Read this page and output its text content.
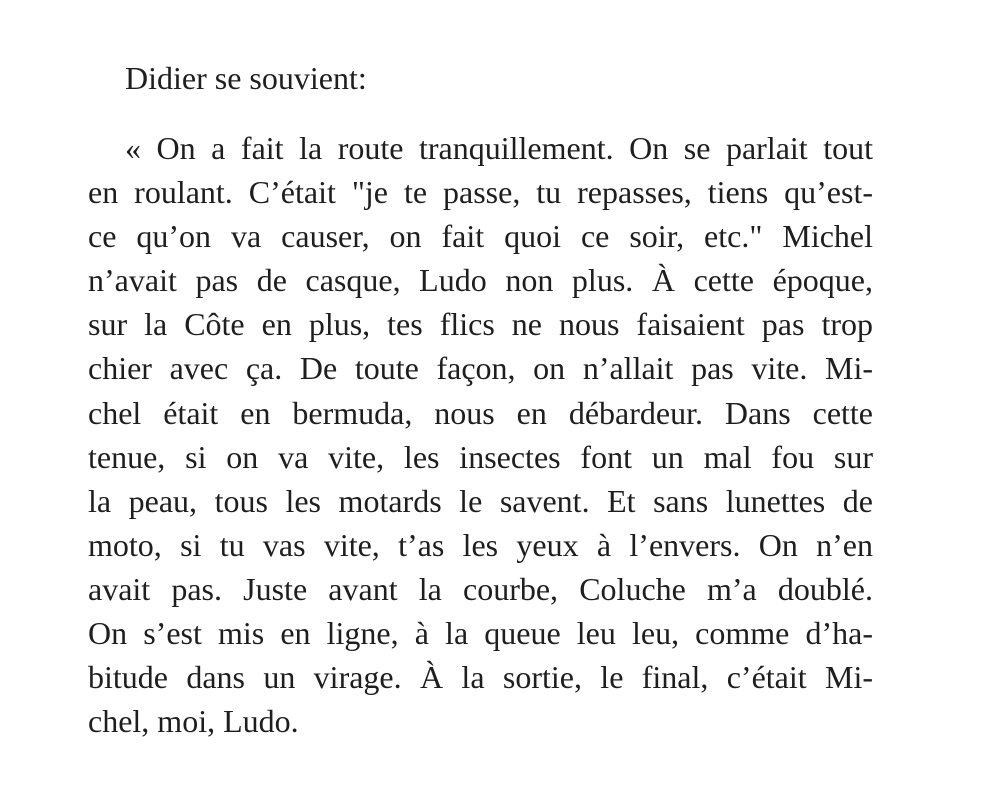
Didier se souvient:
« On a fait la route tranquillement. On se parlait tout
en roulant. C’était "je te passe, tu repasses, tiens qu’est-
ce qu’on va causer, on fait quoi ce soir, etc." Michel
n’avait pas de casque, Ludo non plus. À cette époque,
sur la Côte en plus, tes flics ne nous faisaient pas trop
chier avec ça. De toute façon, on n’allait pas vite. Mi-
chel était en bermuda, nous en débardeur. Dans cette
tenue, si on va vite, les insectes font un mal fou sur
la peau, tous les motards le savent. Et sans lunettes de
moto, si tu vas vite, t’as les yeux à l’envers. On n’en
avait pas. Juste avant la courbe, Coluche m’a doublé.
On s’est mis en ligne, à la queue leu leu, comme d’ha-
bitude dans un virage. À la sortie, le final, c’était Mi-
chel, moi, Ludo.
